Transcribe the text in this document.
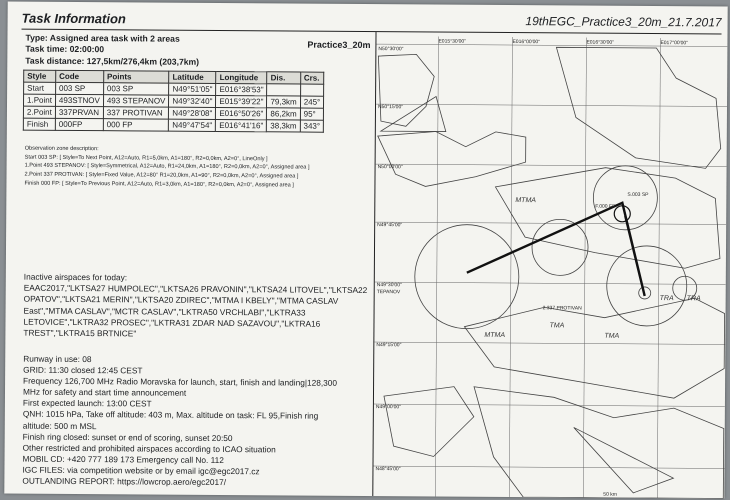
Task Information	19thEGC_Practice3_20m_21.7.2017
Type: Assigned area task with 2 areas
Task time: 02:00:00
Task distance: 127,5km/276,4km (203,7km)
Practice3_20m
Style	Code	Points	Latitude	Longitude	Dis.	Crs.
Start	003 SP	003 SP	N49°51'05"	E016°38'53"		
1.Point	493STNOV	493 STEPANOV	N49°32'40"	E015°39'22"	79,3km	245°
2.Point	337PRVAN	337 PROTIVAN	N49°28'08"	E016°50'26"	86,2km	95°
Finish	000FP	000 FP	N49°47'54"	E016°41'16"	38,3km	343°
Observation zone description:
Start 003 SP: [ Style=To Next Point, A12=Auto, R1=5,0km, A1=180°, R2=0,0km, A2=0°, LineOnly ]
1.Point 493 STEPANOV: [ Style=Symmetrical, A12=Auto, R1=24,0km, A1=180°, R2=0,0km, A2=0°, Assigned area ]
2.Point 337 PROTIVAN: [ Style=Fixed Value, A12=80° R1=20,0km, A1=90°, R2=0,0km, A2=0°, Assigned area ]
Finish 000 FP: [ Style=To Previous Point, A12=Auto, R1=3,0km, A1=180°, R2=0,0km, A2=0°, Assigned area ]
Inactive airspaces for today:
EAAC2017,"LKTSA27 HUMPOLEC","LKTSA26 PRAVONIN","LKTSA24 LITOVEL","LKTSA22
OPATOV","LKTSA21 MERIN","LKTSA20 ZDIREC","MTMA I KBELY","MTMA CASLAV
East","MTMA CASLAV","MCTR CASLAV","LKTRA50 VRCHLABI","LKTRA33
LETOVICE","LKTRA32 PROSEC","LKTRA31 ZDAR NAD SAZAVOU","LKTRA16
TREST","LKTRA15 BRTNICE"
Runway in use: 08
GRID: 11:30 closed 12:45 CEST
Frequency 126,700 MHz Radio Moravska for launch, start, finish and landing|128,300
MHz for safety and start time announcement
First expected launch: 13:00 CEST
QNH: 1015 hPa, Take off altitude: 403 m, Max. altitude on task: FL 95,Finish ring
altitude: 500 m MSL
Finish ring closed: sunset or end of scoring, sunset 20:50
Other restricted and prohibited airspaces according to ICAO situation
MOBIL CD: +420 777 189 173 Emergency call No. 112
IGC FILES: via competition website or by email igc@egc2017.cz
OUTLANDING REPORT: https://lowcrop.aero/egc2017/
E015°30'00"	E016°00'00"	E016°30'00"	E017°00'00"
N50°30'00"
N50°15'00"
N50°00'00"
N49°45'00"
N49°30'00"
N49°15'00"
N49°00'00"
N48°45'00"
TEPANOV
S.003 SP
F.000 FP
2.337 PROTIVAN
50 km
MTMA
MTMA
TMA
TMA
TRA TRA
